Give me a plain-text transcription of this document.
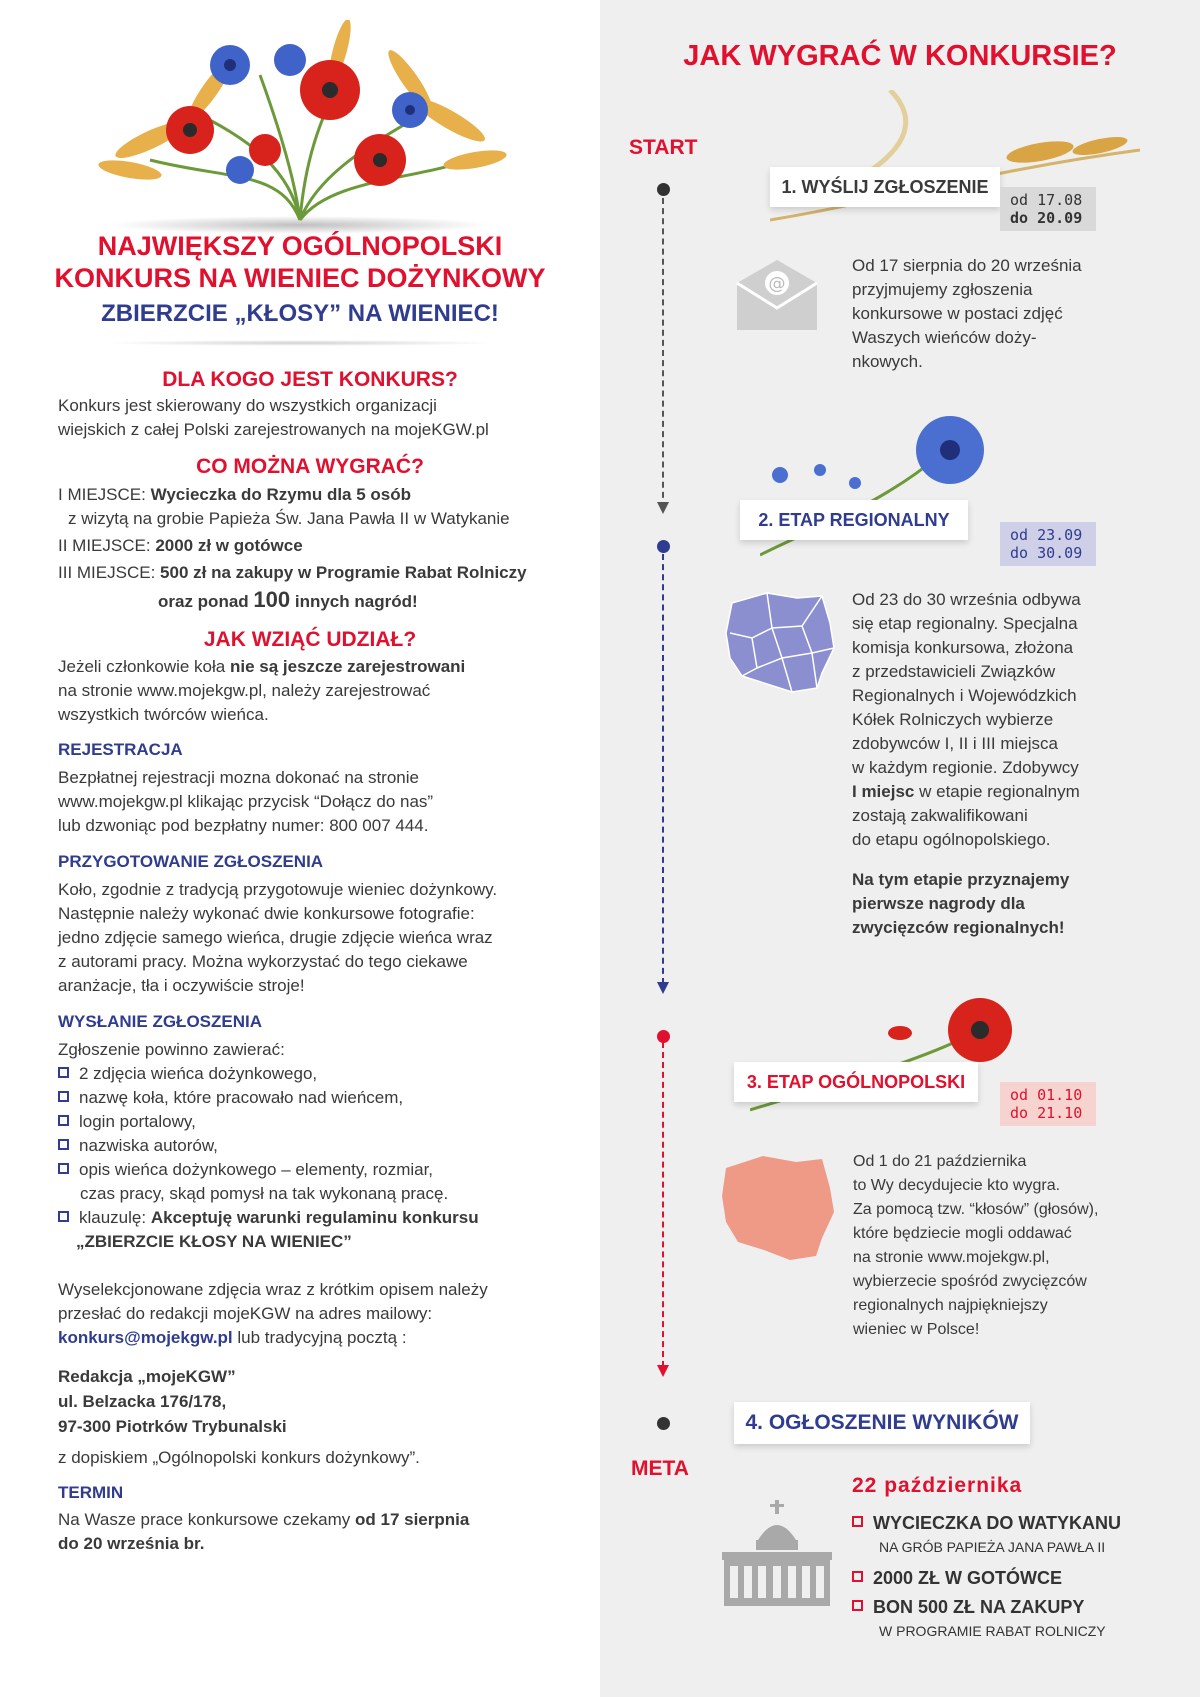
NAJWIĘKSZY OGÓLNOPOLSKI
KONKURS NA WIENIEC DOŻYNKOWY
ZBIERZCIE „KŁOSY” NA WIENIEC!
DLA KOGO JEST KONKURS?

Konkurs jest skierowany do wszystkich organizacji

wiejskich z całej Polski zarejestrowanych na mojeKGW.pl

CO MOŻNA WYGRAĆ?

I MIEJSCE: Wycieczka do Rzymu dla 5 osób

z wizytą na grobie Papieża Św. Jana Pawła II w Watykanie

II MIEJSCE: 2000 zł w gotówce

III MIEJSCE: 500 zł na zakupy w Programie Rabat Rolniczy

oraz ponad 100 innych nagród!

JAK WZIĄĆ UDZIAŁ?

Jeżeli członkowie koła nie są jeszcze zarejestrowani

na stronie www.mojekgw.pl, należy zarejestrować

wszystkich twórców wieńca.

REJESTRACJA

Bezpłatnej rejestracji mozna dokonać na stronie

www.mojekgw.pl klikając przycisk “Dołącz do nas”

lub dzwoniąc pod bezpłatny numer: 800 007 444.

PRZYGOTOWANIE ZGŁOSZENIA

Koło, zgodnie z tradycją przygotowuje wieniec dożynkowy.

Następnie należy wykonać dwie konkursowe fotografie:

jedno zdjęcie samego wieńca, drugie zdjęcie wieńca wraz

z autorami pracy. Można wykorzystać do tego ciekawe

aranżacje, tła i oczywiście stroje!

WYSŁANIE ZGŁOSZENIA

Zgłoszenie powinno zawierać:

2 zdjęcia wieńca dożynkowego,
nazwę koła, które pracowało nad wieńcem,
login portalowy,
nazwiska autorów,
opis wieńca dożynkowego – elementy, rozmiar,

czas pracy, skąd pomysł na tak wykonaną pracę.

klauzulę: Akceptuję warunki regulaminu konkursu

„ZBIERZCIE KŁOSY NA WIENIEC”

Wyselekcjonowane zdjęcia wraz z krótkim opisem należy

przesłać do redakcji mojeKGW na adres mailowy:

konkurs@mojekgw.pl lub tradycyjną pocztą :

Redakcja „mojeKGW”

ul. Belzacka 176/178,

97-300 Piotrków Trybunalski

z dopiskiem „Ogólnopolski konkurs dożynkowy”.

TERMIN

Na Wasze prace konkursowe czekamy od 17 sierpnia

do 20 września br.

JAK WYGRAĆ W KONKURSIE?
START
META
1. WYŚLIJ ZGŁOSZENIE
od 17.08
do 20.09
@
Od 17 sierpnia do 20 września
przyjmujemy zgłoszenia
konkursowe w postaci zdjęć
Waszych wieńców doży-
nkowych.
2. ETAP REGIONALNY
od 23.09
do 30.09
Od 23 do 30 września odbywa
się etap regionalny. Specjalna
komisja konkursowa, złożona
z przedstawicieli Związków
Regionalnych i Wojewódzkich
Kółek Rolniczych wybierze
zdobywców I, II i III miejsca
w każdym regionie. Zdobywcy
I miejsc w etapie regionalnym
zostają zakwalifikowani
do etapu ogólnopolskiego.
Na tym etapie przyznajemy
pierwsze nagrody dla
zwycięzców regionalnych!
3. ETAP OGÓLNOPOLSKI
od 01.10
do 21.10
Od 1 do 21 października
to Wy decydujecie kto wygra.
Za pomocą tzw. “kłosów” (głosów),
które będziecie mogli oddawać
na stronie www.mojekgw.pl,
wybierzecie spośród zwycięzców
regionalnych najpiękniejszy
wieniec w Polsce!
4. OGŁOSZENIE WYNIKÓW
22 października
WYCIECZKA DO WATYKANU
NA GRÓB PAPIEŻA JANA PAWŁA II
2000 ZŁ W GOTÓWCE
BON 500 ZŁ NA ZAKUPY
W PROGRAMIE RABAT ROLNICZY
